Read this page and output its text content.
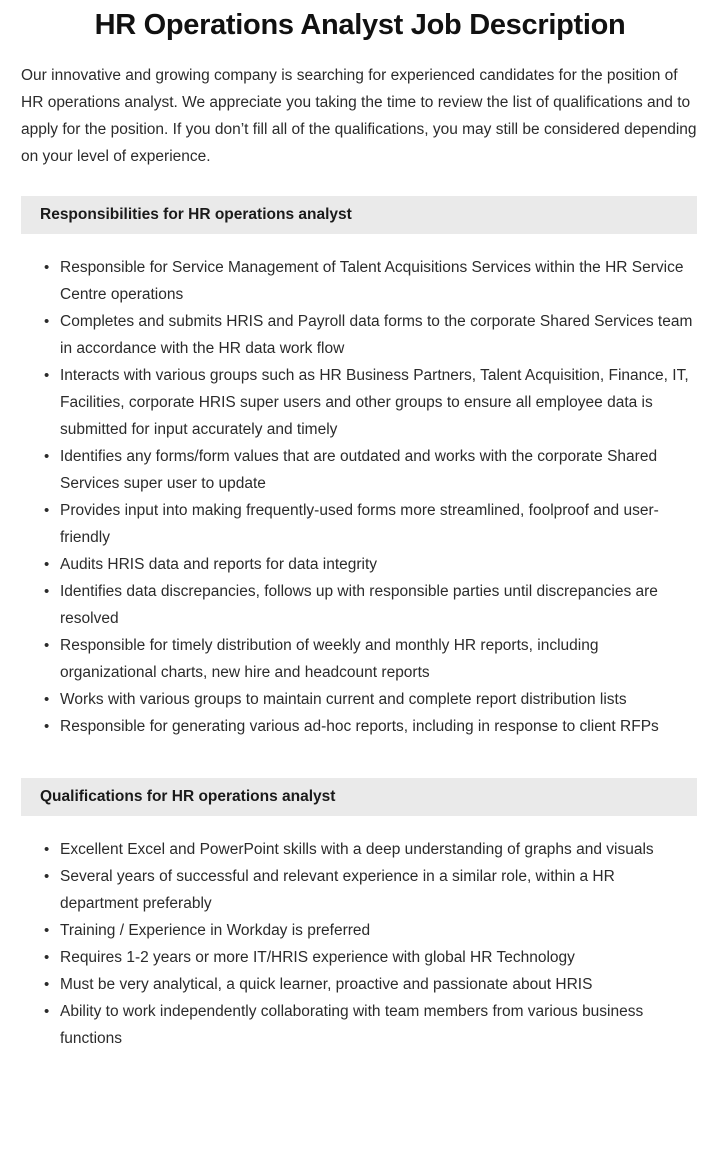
HR Operations Analyst Job Description

Our innovative and growing company is searching for experienced candidates for the position of HR operations analyst. We appreciate you taking the time to review the list of qualifications and to apply for the position. If you don’t fill all of the qualifications, you may still be considered depending on your level of experience.

Responsibilities for HR operations analyst
• Responsible for Service Management of Talent Acquisitions Services within the HR Service Centre operations
• Completes and submits HRIS and Payroll data forms to the corporate Shared Services team in accordance with the HR data work flow
• Interacts with various groups such as HR Business Partners, Talent Acquisition, Finance, IT, Facilities, corporate HRIS super users and other groups to ensure all employee data is submitted for input accurately and timely
• Identifies any forms/form values that are outdated and works with the corporate Shared Services super user to update
• Provides input into making frequently-used forms more streamlined, foolproof and user-friendly
• Audits HRIS data and reports for data integrity
• Identifies data discrepancies, follows up with responsible parties until discrepancies are resolved
• Responsible for timely distribution of weekly and monthly HR reports, including organizational charts, new hire and headcount reports
• Works with various groups to maintain current and complete report distribution lists
• Responsible for generating various ad-hoc reports, including in response to client RFPs
Qualifications for HR operations analyst
• Excellent Excel and PowerPoint skills with a deep understanding of graphs and visuals
• Several years of successful and relevant experience in a similar role, within a HR department preferably
• Training / Experience in Workday is preferred
• Requires 1-2 years or more IT/HRIS experience with global HR Technology
• Must be very analytical, a quick learner, proactive and passionate about HRIS
• Ability to work independently collaborating with team members from various business functions
